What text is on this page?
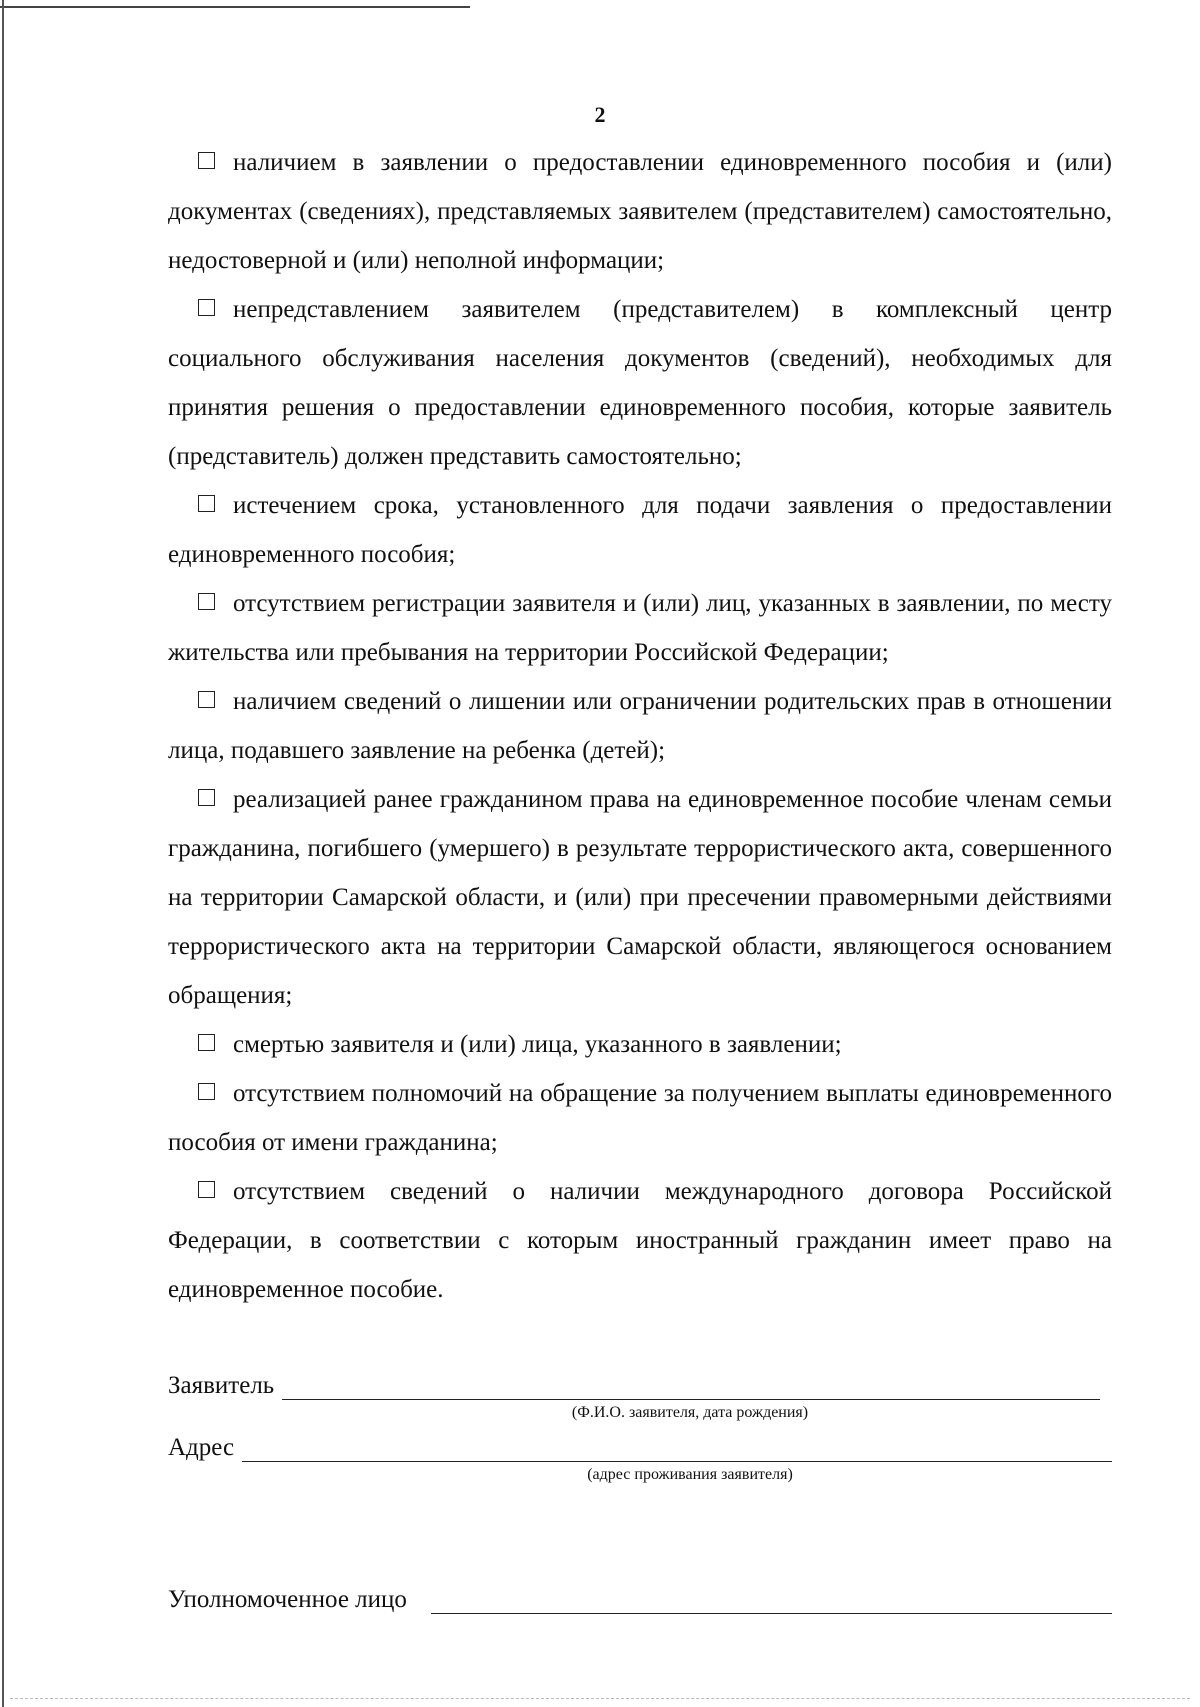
2

наличием в заявлении о предоставлении единовременного пособия и (или) документах (сведениях), представляемых заявителем (представителем) самостоятельно, недостоверной и (или) неполной информации;

непредставлением заявителем (представителем) в комплексный центр социального обслуживания населения документов (сведений), необходимых для принятия решения о предоставлении единовременного пособия, которые заявитель (представитель) должен представить самостоятельно;

истечением срока, установленного для подачи заявления о предоставлении единовременного пособия;

отсутствием регистрации заявителя и (или) лиц, указанных в заявлении, по месту жительства или пребывания на территории Российской Федерации;

наличием сведений о лишении или ограничении родительских прав в отношении лица, подавшего заявление на ребенка (детей);

реализацией ранее гражданином права на единовременное пособие членам семьи гражданина, погибшего (умершего) в результате террористического акта, совершенного на территории Самарской области, и (или) при пресечении правомерными действиями террористического акта на территории Самарской области, являющегося основанием обращения;

смертью заявителя и (или) лица, указанного в заявлении;

отсутствием полномочий на обращение за получением выплаты единовременного пособия от имени гражданина;

отсутствием сведений о наличии международного договора Российской Федерации, в соответствии с которым иностранный гражданин имеет право на единовременное пособие.

Заявитель
(Ф.И.О. заявителя, дата рождения)
Адрес
(адрес проживания заявителя)
Уполномоченное лицо
